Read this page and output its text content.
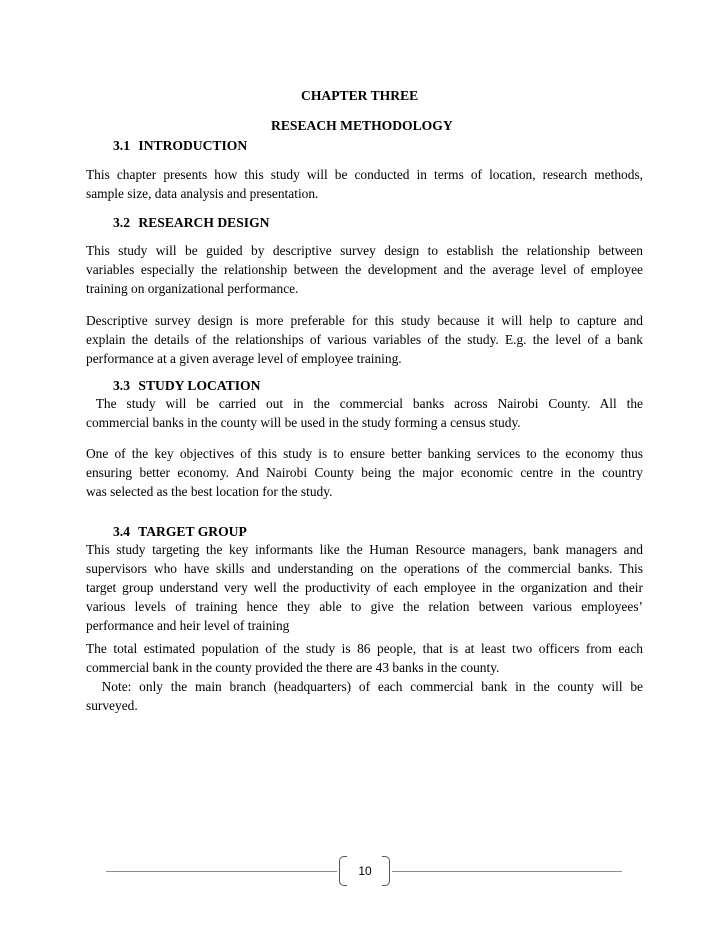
CHAPTER THREE
RESEACH METHODOLOGY
3.1 INTRODUCTION

This chapter presents how this study will be conducted in terms of location, research methods,
sample size, data analysis and presentation.

3.2 RESEARCH DESIGN

This study will be guided by descriptive survey design to establish the relationship between
variables especially the relationship between the development and the average level of employee
training on organizational performance.

Descriptive survey design is more preferable for this study because it will help to capture and
explain the details of the relationships of various variables of the study. E.g. the level of a bank
performance at a given average level of employee training.

3.3 STUDY LOCATION

The study will be carried out in the commercial banks across Nairobi County. All the
commercial banks in the county will be used in the study forming a census study.

One of the key objectives of this study is to ensure better banking services to the economy thus
ensuring better economy. And Nairobi County being the major economic centre in the country
was selected as the best location for the study.

3.4 TARGET GROUP

This study targeting the key informants like the Human Resource managers, bank managers and
supervisors who have skills and understanding on the operations of the commercial banks. This
target group understand very well the productivity of each employee in the organization and their
various levels of training hence they able to give the relation between various employees’
performance and heir level of training

The total estimated population of the study is 86 people, that is at least two officers from each
commercial bank in the county provided the there are 43 banks in the county.
Note: only the main branch (headquarters) of each commercial bank in the county will be
surveyed.

10
